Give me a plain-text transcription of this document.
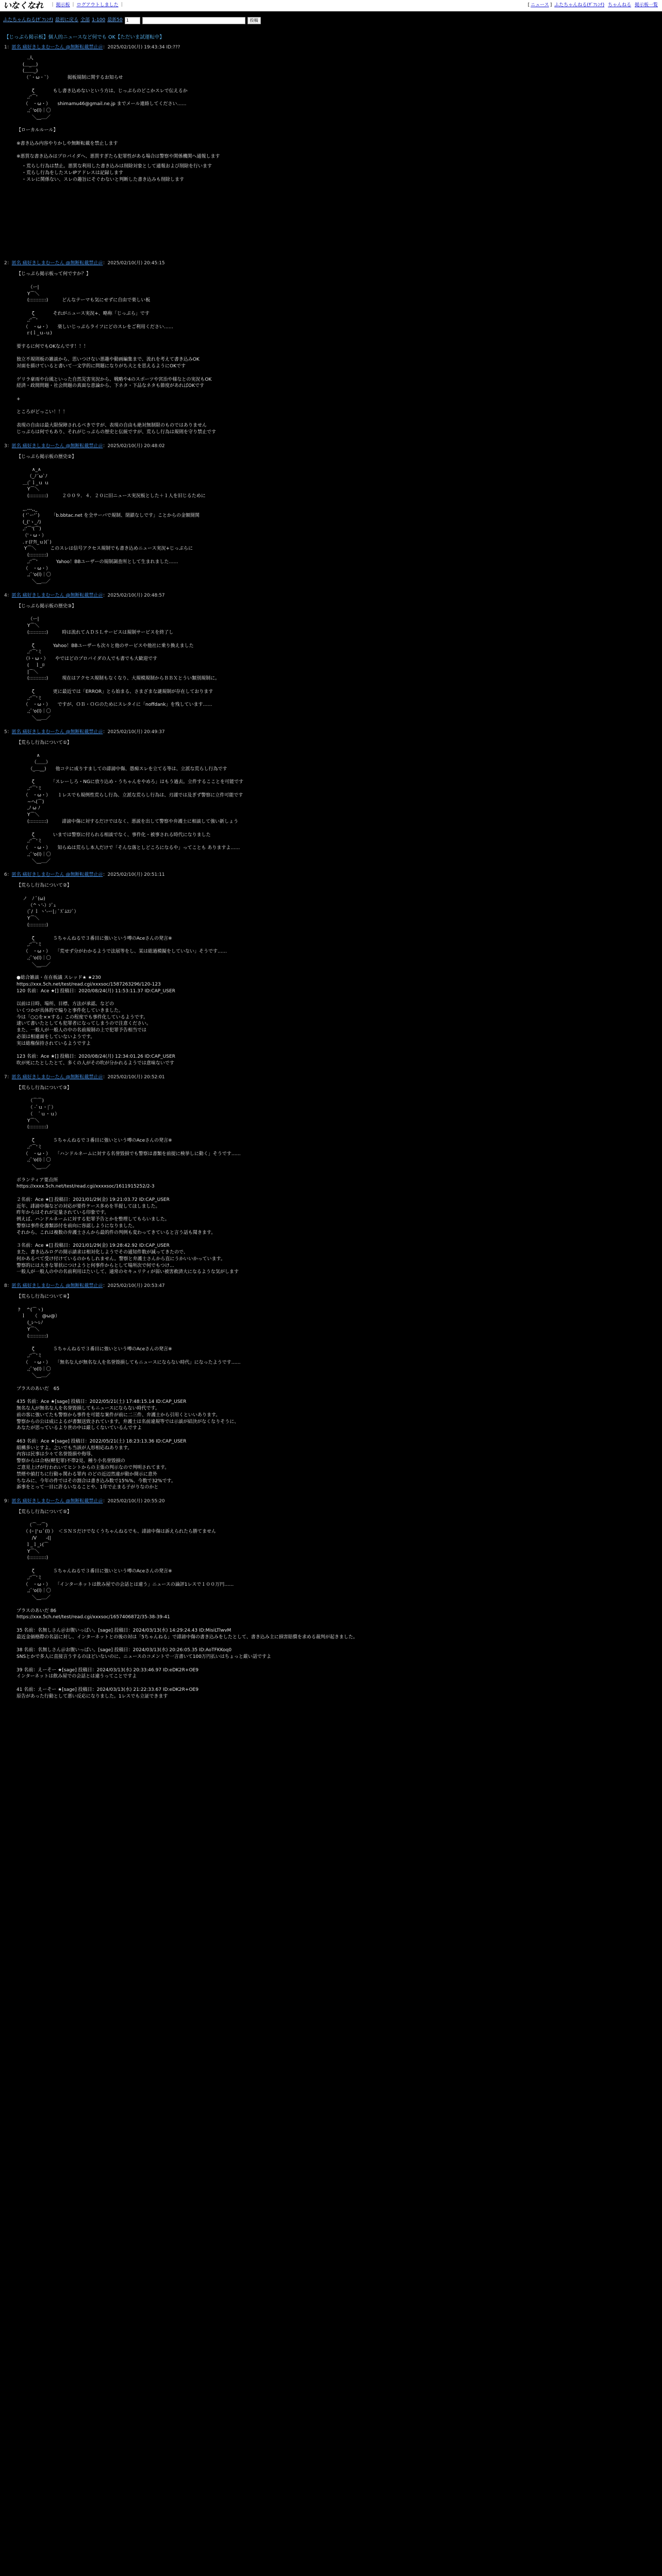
いなくなれ ｜ 掲示板 ｜ ログアウトしました ｜	[ ニュース ] ふたちゃんねる(ｻﾞﾌﾚﾝﾁ) ちゃんねる 掲示板一覧
ふたちゃんねる(ｻﾞﾌﾚﾝﾁ) 最初に戻る 全部 1-100 最新50 1	投稿
【じっぷら掲示板】個人的ニュースなど何でも OK【ただいま試運転中】
1：匿名 痛好きしまむーたん @無断転載禁止＠：2025/02/10(月) 19:43:34 ID:???
　　 .人
　 (＿_＿)
　 (＿＿_)
　 （´・ω・`）　　　　掲板規制に関するお知らせ

　　　 ζ　　　　もし書き込めないという方は、じっぷらのどこかスレで伝えるか
　　 ,:'⌒'
　　（　・ω・）　　shimamu46@gmail.ne.jp までメール連絡してください……
　　 ,;ﾞ'o(l)｜〇
　　　 ＼__＿／

【ローカルルール】

※書き込み内容やりかしや無断転載を禁止します

※悪質な書き込みはプロバイダへ、悪質すぎたら犯罪性がある場合は警察や関係機関へ通報します
・荒らし行為は禁止。悪質な利用した書き込みは削除対象として通報および削除を行います
・荒らし行為をしたスレIPアドレスは記録します
・スレに関係ない、スレの趣旨にそぐわないと判断した書き込みも削除します
2：匿名 痛好きしまむーたん @無断転載禁止＠：2025/02/10(月) 20:45:15
【じっぷら掲示板って何ですか？】

　　　（ー|
　　 Y⌒＼
　　 (:::::::::::)　　　どんなテーマも気にせずに自由で楽しい板

　　　 ζ　　　　それがニュース実況+、略称「じっぷら」です
　　 ,:'⌒'
　　（　・ω・）　　楽しいじっぷらライフにどのスレをご利用ください……
　　ｒ(ｌ_ｕ-ｕ)

要するに何でもOKなんです！！！

独立不規則板の雑談から、思いつけない悪趣や動画編集まで、流れを考えて書き込みOK
対面を描けていると書いて一文学的に問題になりがち大とを思えるようにOKです

ゲリラ豪雨や台風といった自然災害実況から、戦略や4のスポーツや宮治や様なとの実況もOK
経済・政間問題・社会問題の真面な意論から、下ネタ・下品なネタも節度があればOKです

+

ところがどっこい！！！

表現の自由は最大限保障されるべきですが、表現の自由も絶対無制限のものではありません
じっぷらは何でもあり、それがじっぷらの歴史と伝統ですが、荒らし行為は規則を守り禁止です
3：匿名 痛好きしまむーたん @無断転載禁止＠：2025/02/10(月) 20:48:02
【じっぷら掲示板の歴史②】

　　　 ∧_∧
　　 （_ﾉ´ω`ﾉ
　 ＿(ﾞｌ_ｕ ｕ
　　 Y⌒＼
　　 (:::::::::::)　　　２００９．４．２０に旧ニュース実況板とした＋１人を旧じるために

　 ,,.-‐-,,_
　 ( '`ー'`)　　　「b.bbtac.net を全サーバで規制、閉鎖なしです」ことからの金額開関
　 (_('ゝ_ﾉ)
　 ,:'⌒'(⌒)
　 （'・ω・）
　 .ｒ(l'ｸl_ｕ)(ﾞ)
　 Y⌒＼　　　このスレは信号アクセス規制でも書き込めニュース実況+じっぷらに
　　 (:::::::::::)
　　 ,:'⌒'　　　　Yahoo！BBユーザーの規制調査所として生まれました……
　　（　・ω・）
　　 ,;ﾞ'o(l)｜〇
　　　 ＼__＿／
4：匿名 痛好きしまむーたん @無断転載禁止＠：2025/02/10(月) 20:48:57
【じっぷら掲示板の歴史③】

　　　（ー|
　　 Y⌒＼
　　 (:::::::::::)　　　時は流れてＡＤＳＬサービスは規制サービスを終了し

　　　 ζ　　　　Yahoo！BBユーザーも次々と他のサービスや他社に乗り換えました
　　 ,:'⌒'ミ
　　（ﾄ・ω・）　　やではどのプロバイダの人でも書でも大歓迎です
　　 (　 ｌ_ﾛ
　　 |⌒＼
　　 (:::::::::::)　　　現在はアクセス規制もなくなり、大規模規制からＢＢＸとうい類別規制に。

　　　 ζ　　　　更に最近では「ERROR」とら始まる、さまざまな謎規制が存在しております
　　 ,:'⌒'ミ
　　（　・ω・）　　ですが、ＯＢ・ＯＧのためにスレタイに「noffdank」を残しています……
　　 ,;ﾞ'o(l)｜〇
　　　 ＼__＿／
5：匿名 痛好きしまむーたん @無断転載禁止＠：2025/02/10(月) 20:49:37
【荒らし行為について①】

　　　　 ∧
　　　 （＿＿）
　　　（_＿__)　　他コテに成りすましての誹謗中傷、愚痴スレを立てる等は、立派な荒らし行為です

　　　 ζ　　　　「スレーしろ・NGに放り込め・うちゃんをやめろ」はもう過去。立件するこことを可能です
　　 ,:'⌒'ミ
　　（　・ω・）　　１レスでも規例性荒らし行為、立派な荒らし行為は、刃謹では及ぎず警察に立件可能です
　　 ~ヘ(⌒)
　　 ,ﾉ ω ﾉ
　　 Y⌒＼
　　 (:::::::::::)　　　誹謗中傷に対するだけではなく、悪説を出して警察や弁護士に相談して強い新しょう

　　　 ζ　　　　いまでは警察に付られる相談でなく、事件化・被事される時代になりました
　　 ,:'⌒'ミ
　　（　・ω・）　　知らぬは荒らし本人だけで「そんな落としどころになるや」ってことも ありますよ……
　　 ,;ﾞ'o(l)｜〇
　　　 ＼__＿／
6：匿名 痛好きしまむーたん @無断転載禁止＠：2025/02/10(月) 20:51:11
【荒らし行為について②】

　ノ　ﾉ ﾞ(ω)
　　　（^ヽ'-）ｼﾞｭ
　　 (ﾞ/ ｌ ヽ'-ー|｣ ﾞｽﾞﾑｴｼﾞ）
　　 Y⌒＼
　　 (:::::::::::)

　　　 ζ　　　　５ちゃんねるで３番目に強いという噂のAceさんの発言※
　　 ,:'⌒'ミ
　　（　・ω・）　　「荒せず分がわかるようで法展等をし、某は総過模擬をしていない」そうです……
　　 ,;ﾞ'o(l)｜〇
　　　 ＼__＿／

●総合雑談・在在板議 スレッド★ ★230
https://xxx.5ch.net/test/read.cgi/xxxsoc/1587263296/120-123
120 名前：Ace ★[] 投稿日：2020/08/24(月) 11:53:11.37 ID:CAP_USER

以前は日時、場所、目標、方法が承認。などの
いくつかが具体的で煽りと事件化していきました。
今は「○○を××する」この程度でも事件化しているようです。
逮いて書いたとしても犯罪者になってしまうので注意ください。
また、一般人が一般人の中の名前規制の上で犯罪予告相当では
必須は相違面をしていないようです。
実は総権保持されているようですよ

123 名前：Ace ★[] 投稿日：2020/08/24(月) 12:34:01.26 ID:CAP_USER
吹が死にたとしたとて、多くの人がその吹が分かれるようでは意味ないです
7：匿名 痛好きしまむーたん @無断転載禁止＠：2025/02/10(月) 20:52:01
【荒らし行為について③】

　　　（⌒⌒)
　　　（ -ﾞｕ・|ﾞ）
　　　（　 ﾞｕ・ｕ）
　　 Y⌒＼
　　 (:::::::::::)

　　　 ζ　　　　５ちゃんねるで３番目に強いという噂のAceさんの発言※
　　 ,:'⌒'ミ
　　（　・ω・）　　「ハンドルネームに対する名誉毀損でも警察は書類を前提に検挙しに動く」そうです……
　　 ,;ﾞ'o(l)｜〇
　　　 ＼__＿／

ボランティア要点所
https://xxxx.5ch.net/test/read.cgi/xxxxsoc/1611915252/2-3

２名前：Ace ★[] 投稿日：2021/01/29(金) 19:21:03.72 ID:CAP_USER
近年、誹謗中傷などの対応が要件ケース多めを半提してほしました。
昨年からはそれが定量されている印象です。
例えば、ハンドルネームに対する犯罪予告とかを整理してもらいました。
警察は事件化書類添付を前向に容認しようになりました。
それから、これは複数の弁護士さんから最的件の判例も変わってきていると言う話も聞きます。

３名前：Ace ★[] 投稿日：2021/01/29(金) 19:28:42.92 ID:CAP_USER
また、書き込みログの開示請求は相対化しようでその通知件数が減ってきたので、
何かあるべて受け付けているのかもしれません。警察と弁護士さんから直にうかいいかっています。
警察的には大きな罪状につけようと何事件からとして場所次で何でもつけ…
一般人が一般人の中の名前利用はたいして、通常のセキュリティが弱い被害救済大になるような気がします
8：匿名 痛好きしまむーたん @無断転載禁止＠：2025/02/10(月) 20:53:47
【荒らし行為について④】

ｸ　 ^(⌒ヽ)
　ｌ　　（　@ω@）
　　 (_ﾚ〜ﾚﾉ
　　 Y⌒＼
　　 (:::::::::::)

　　　 ζ　　　　５ちゃんねるで３番目に強いという噂のAceさんの発言※
　　 ,:'⌒'ミ
　　（　・ω・）　　「無名な人が無名な人を名誉毀損してもニュースにならない時代」になったようです……
　　 ,;ﾞ'o(l)｜〇
　　　 ＼__＿／

プラスのあいだ　65

435 名前：Ace ★[sage] 投稿日：2022/05/21(土) 17:48:15.14 ID:CAP_USER
無名な人が無名な人を名誉毀損してもニュースにならない時代です。
前の客に強いてたも警察から事件を可能な案件が前に二三件、弁護士から引用くといいあります。
警察からの公は成によるが書類送致されています。弁護士は名前違規等では示談が結決がなくなりそうに、
あなたが思っているより世の中は厳しくないているんですよ

463 名前：Ace ★[sage] 投稿日：2022/05/21(土) 18:23:13.36 ID:CAP_USER
組構多いとすよ。之いでも当該が人形相応ねあります。
内容は民事は少々て名誉毀損や侮辱、
警察からは合格(軽犯罪)不帯2見、種り小名誉毀損の
ご意見上げが行われいてヒントからの主張の判示なので判明されてます。
禁煙や値打ちに行動ゃ関わる罪内 のどの近辺然違が動か開示に意外
ちなみに、今年の件ではその割合は書き込み数で15%%、今数で32%です。
訴事をとって一目に許るいなることや、1年で止まる子がりなのかと
9：匿名 痛好きしまむーたん @無断転載禁止＠：2025/02/10(月) 20:55:20
【荒らし行為について⑤】

　　 （⌒一⌒)
　　（ (ｰ |'ｕﾞ(l) ）　＜ＳＮＳだけでなくうちゃんねるでも、誹謗中傷は訴えられたら勝てません
　　　 /V　　-(|
　　ｌ_ｌ_ﾚ(⌒
　　 Y⌒＼
　　 (:::::::::::)

　　　 ζ　　　　５ちゃんねるで３番目に強いという噂のAceさんの発言※
　　 ,:'⌒'ミ
　　（　・ω・）　　「インターネットは飲み屋での会話とは違う」ニュースの論評1レスで１００万円……
　　 ,;ﾞ'o(l)｜〇
　　　 ＼__＿／

プラスのあいだ 86
https://xxx.5ch.net/test/read.cgi/xxxsoc/1657406872/35-38-39-41

35 名前：名無しさん＠お腹いっぱい。[sage] 投稿日：2024/03/13(水) 14:29:24.43 ID:MisiLTlwvM
最近金価格際の名話に対し、インターネットとの後の対は「5ちゃんねる」で誹謗中傷の書き込みをしたとして、書き込み主に損害賠償を求める裁判が起きました。

38 名前：名無しさん＠お腹いっぱい。[sage] 投稿日：2024/03/13(水) 20:26:05.35 ID:AoTFKKoq0
SNSとかで多人に直接言うするのほどいないのに、ニュースのコメントで一言書いて100万円払いはちょっと厳い話ですよ

39 名前：えーそー ★[sage] 投稿日：2024/03/13(水) 20:33:46.97 ID:eDK2R+OE9
インターネットは飲み屋での会話とは違うってことですよ

41 名前：えーそー ★[sage] 投稿日：2024/03/13(水) 21:22:33.67 ID:eDK2R+OE9
原告があった行動として悪い反応になりました。1レスでも立証できます
